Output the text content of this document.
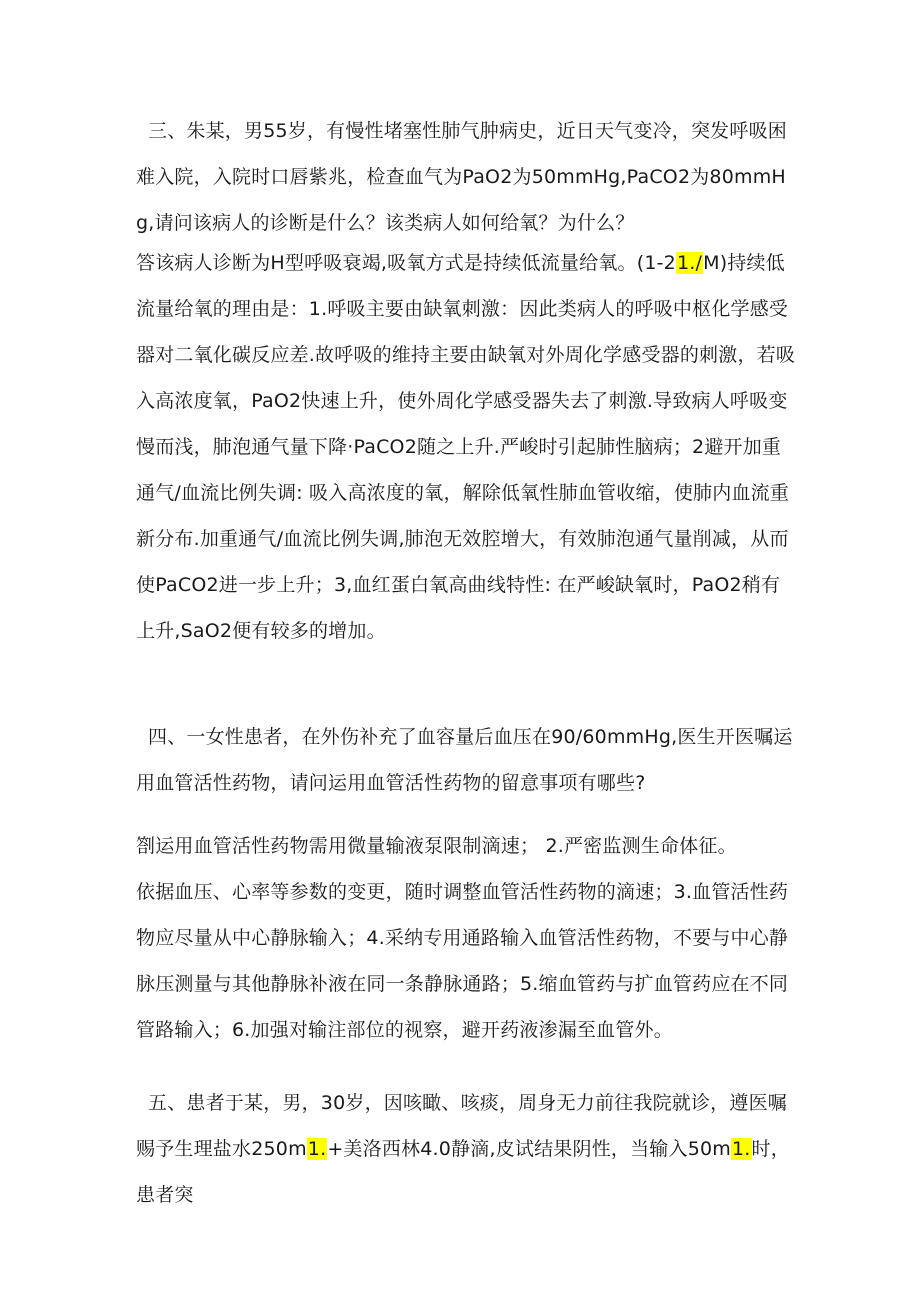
三、朱某，男55岁，有慢性堵塞性肺气肿病史，近日天气变冷，突发呼吸困难入院，入院时口唇紫兆，检查血气为PaO2为50mmHg,PaCO2为80mmHg,请问该病人的诊断是什么？该类病人如何给氧？为什么？

答该病人诊断为H型呼吸衰竭,吸氧方式是持续低流量给氧。(1-21./M)持续低流量给氧的理由是：1.呼吸主要由缺氧刺激：因此类病人的呼吸中枢化学感受器对二氧化碳反应差.故呼吸的维持主要由缺氧对外周化学感受器的刺激，若吸入高浓度氧，PaO2快速上升，使外周化学感受器失去了刺激.导致病人呼吸变慢而浅，肺泡通气量下降·PaCO2随之上升.严峻时引起肺性脑病；2避开加重通气/血流比例失调: 吸入高浓度的氧，解除低氧性肺血管收缩，使肺内血流重新分布.加重通气/血流比例失调,肺泡无效腔增大，有效肺泡通气量削减，从而使PaCO2进一步上升；3,血红蛋白氧高曲线特性: 在严峻缺氧时，PaO2稍有上升,SaO2便有较多的增加。

四、一女性患者，在外伤补充了血容量后血压在90/60mmHg,医生开医嘱运用血管活性药物，请问运用血管活性药物的留意事项有哪些?

劄运用血管活性药物需用微量输液泵限制滴速； 2.严密监测生命体征。

依据血压、心率等参数的变更，随时调整血管活性药物的滴速；3.血管活性药物应尽量从中心静脉输入；4.采纳专用通路输入血管活性药物，不要与中心静脉压测量与其他静脉补液在同一条静脉通路；5.缩血管药与扩血管药应在不同管路输入；6.加强对输注部位的视察，避开药液渗漏至血管外。

五、患者于某，男，30岁，因咳瞰、咳痰，周身无力前往我院就诊，遵医嘱赐予生理盐水250m1.+美洛西林4.0静滴,皮试结果阴性，当输入50m1.时，患者突
